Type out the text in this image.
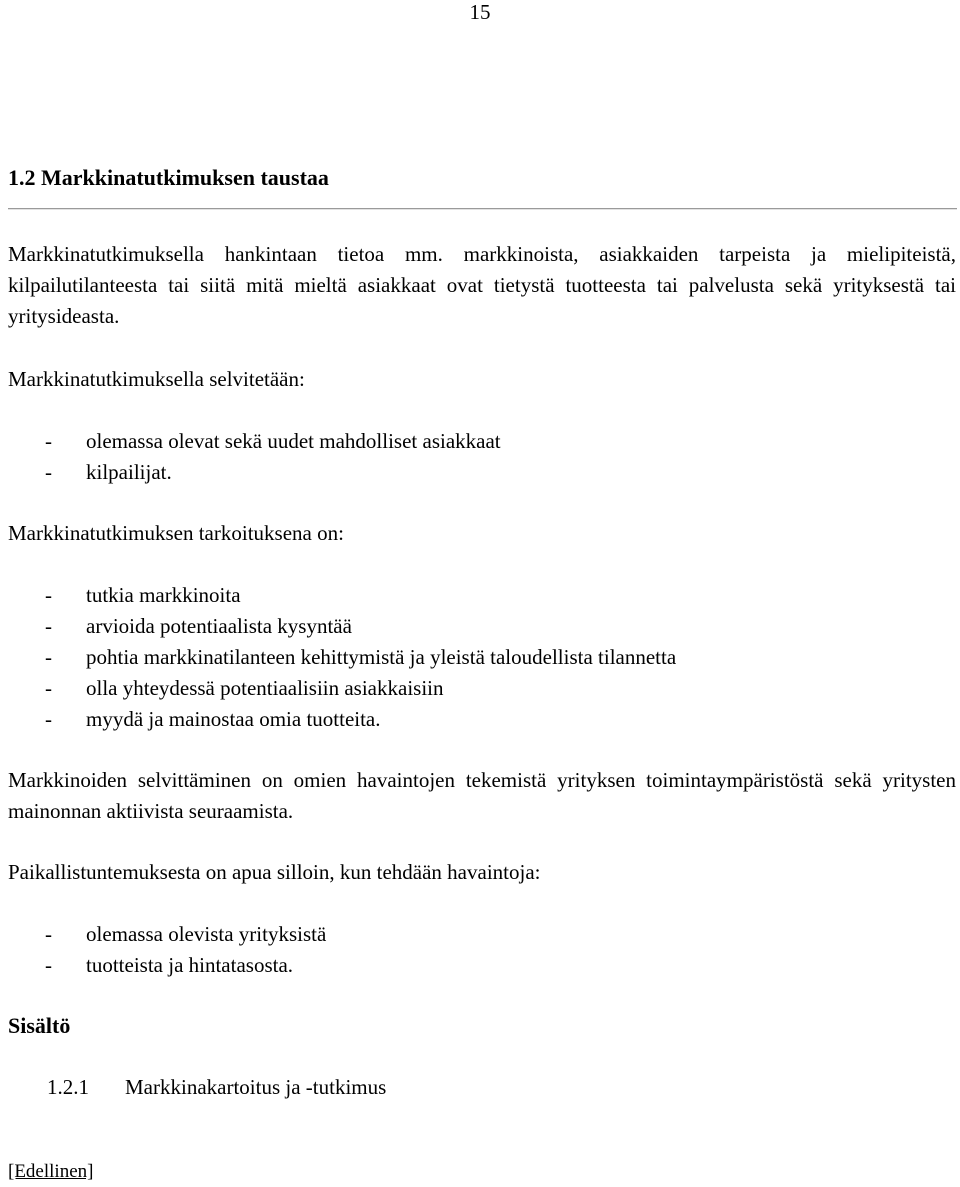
15
1.2 Markkinatutkimuksen taustaa

Markkinatutkimuksella hankintaan tietoa mm. markkinoista, asiakkaiden tarpeista ja mielipiteistä, kilpailutilanteesta tai siitä mitä mieltä asiakkaat ovat tietystä tuotteesta tai palvelusta sekä yrityksestä tai yritysideasta.

Markkinatutkimuksella selvitetään:

- olemassa olevat sekä uudet mahdolliset asiakkaat
- kilpailijat.

Markkinatutkimuksen tarkoituksena on:

- tutkia markkinoita
- arvioida potentiaalista kysyntää
- pohtia markkinatilanteen kehittymistä ja yleistä taloudellista tilannetta
- olla yhteydessä potentiaalisiin asiakkaisiin
- myydä ja mainostaa omia tuotteita.

Markkinoiden selvittäminen on omien havaintojen tekemistä yrityksen toimintaympäristöstä sekä yritysten mainonnan aktiivista seuraamista.

Paikallistuntemuksesta on apua silloin, kun tehdään havaintoja:

- olemassa olevista yrityksistä
- tuotteista ja hintatasosta.
Sisältö
1.2.1 Markkinakartoitus ja -tutkimus
[Edellinen]
